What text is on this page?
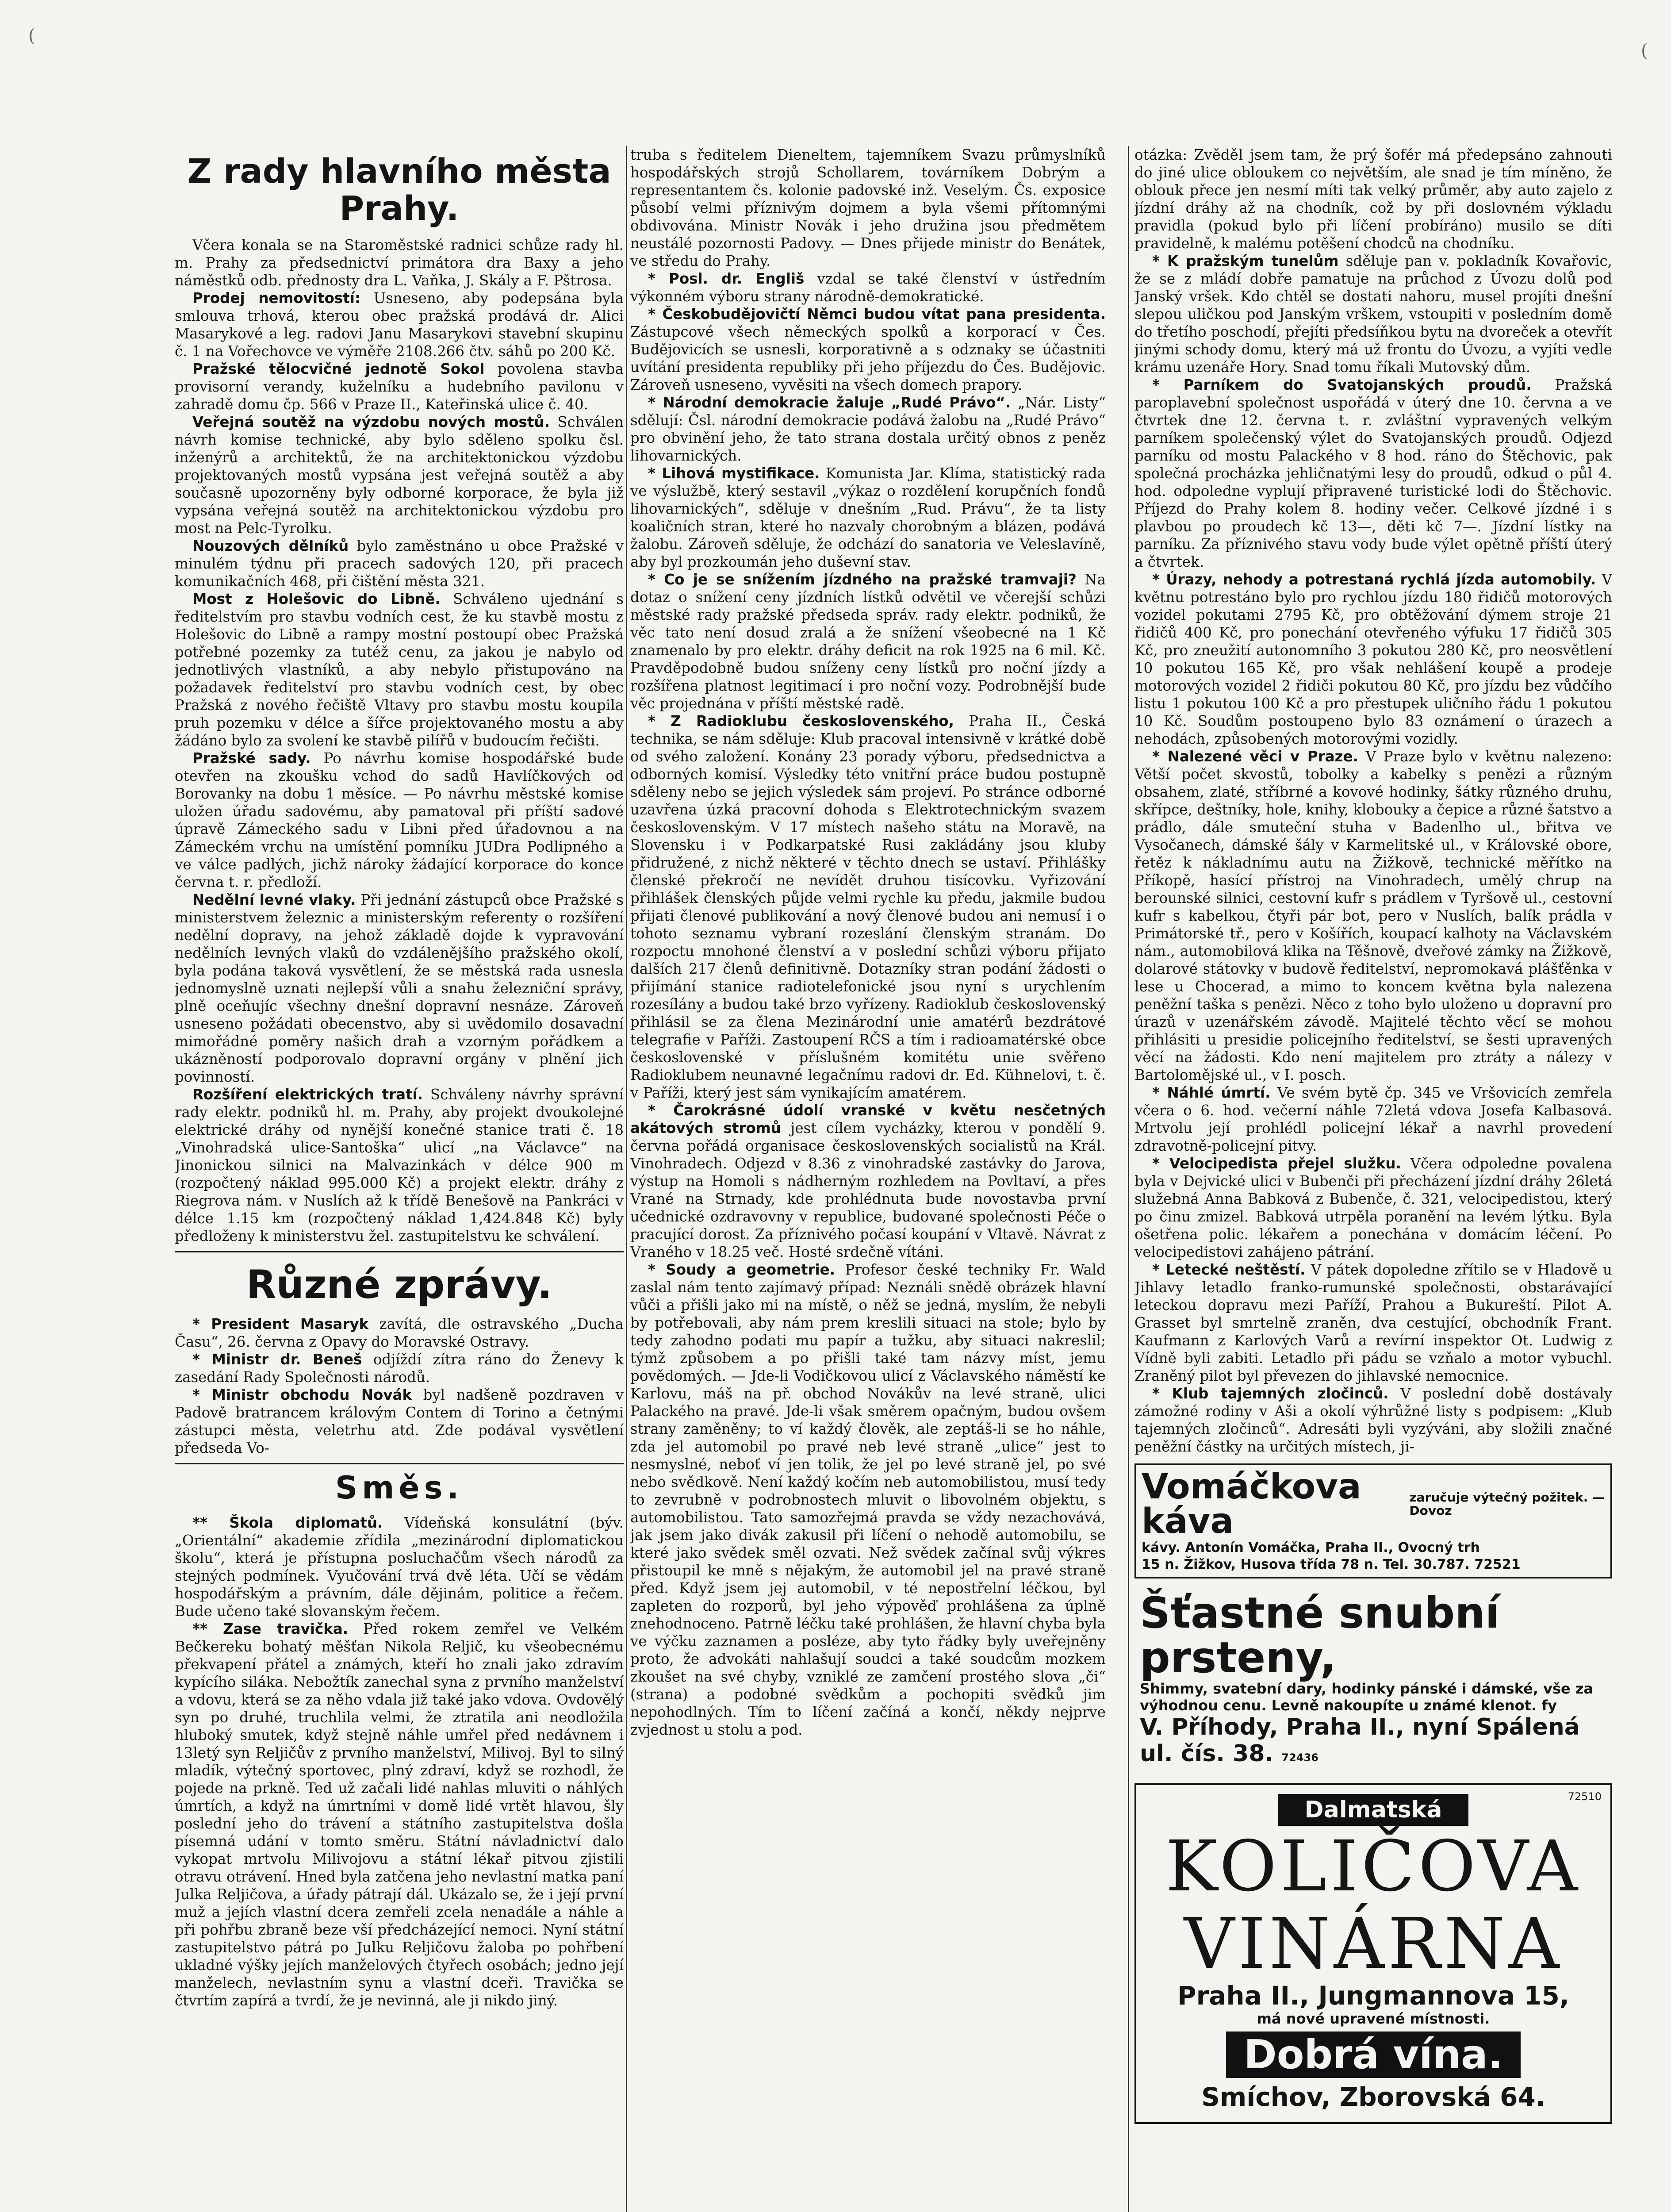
(
(
Z rady hlavního města Prahy.

Včera konala se na Staroměstské radnici schůze rady hl. m. Prahy za předsednictví primátora dra Baxy a jeho náměstků odb. přednosty dra L. Vaňka, J. Skály a F. Pštrosa.

Prodej nemovitostí: Usneseno, aby podepsána byla smlouva trhová, kterou obec pražská prodává dr. Alici Masarykové a leg. radovi Janu Masarykovi stavební skupinu č. 1 na Vořechovce ve výměře 2108.266 čtv. sáhů po 200 Kč.

Pražské tělocvičné jednotě Sokol povolena stavba provisorní verandy, kuželníku a hudebního pavilonu v zahradě domu čp. 566 v Praze II., Kateřinská ulice č. 40.

Veřejná soutěž na výzdobu nových mostů. Schválen návrh komise technické, aby bylo sděleno spolku čsl. inženýrů a architektů, že na architektonickou výzdobu projektovaných mostů vypsána jest veřejná soutěž a aby současně upozorněny byly odborné korporace, že byla již vypsána veřejná soutěž na architektonickou výzdobu pro most na Pelc-Tyrolku.

Nouzových dělníků bylo zaměstnáno u obce Pražské v minulém týdnu při pracech sadových 120, při pracech komunikačních 468, při čištění města 321.

Most z Holešovic do Libně. Schváleno ujednání s ředitelstvím pro stavbu vodních cest, že ku stavbě mostu z Holešovic do Libně a rampy mostní postoupí obec Pražská potřebné pozemky za tutéž cenu, za jakou je nabylo od jednotlivých vlastníků, a aby nebylo přistupováno na požadavek ředitelství pro stavbu vodních cest, by obec Pražská z nového řečiště Vltavy pro stavbu mostu koupila pruh pozemku v délce a šířce projektovaného mostu a aby žádáno bylo za svolení ke stavbě pilířů v budoucím řečišti.

Pražské sady. Po návrhu komise hospodářské bude otevřen na zkoušku vchod do sadů Havlíčkových od Borovanky na dobu 1 měsíce. — Po návrhu městské komise uložen úřadu sadovému, aby pamatoval při příští sadové úpravě Zámeckého sadu v Libni před úřadovnou a na Zámeckém vrchu na umístění pomníku JUDra Podlipného a ve válce padlých, jichž nároky žádající korporace do konce června t. r. předloží.

Nedělní levné vlaky. Při jednání zástupců obce Pražské s ministerstvem železnic a ministerským referenty o rozšíření nedělní dopravy, na jehož základě dojde k vypravování nedělních levných vlaků do vzdálenějšího pražského okolí, byla podána taková vysvětlení, že se městská rada usnesla jednomyslně uznati nejlepší vůli a snahu železniční správy, plně oceňujíc všechny dnešní dopravní nesnáze. Zároveň usneseno požádati obecenstvo, aby si uvědomilo dosavadní mimořádné poměry našich drah a vzorným pořádkem a ukázněností podporovalo dopravní orgány v plnění jich povinností.

Rozšíření elektrických tratí. Schváleny návrhy správní rady elektr. podniků hl. m. Prahy, aby projekt dvoukolejné elektrické dráhy od nynější konečné stanice trati č. 18 „Vinohradská ulice-Santoška“ ulicí „na Václavce“ na Jinonickou silnici na Malvazinkách v délce 900 m (rozpočtený náklad 995.000 Kč) a projekt elektr. dráhy z Riegrova nám. v Nuslích až k třídě Benešově na Pankráci v délce 1.15 km (rozpočtený náklad 1,424.848 Kč) byly předloženy k ministerstvu žel. zastupitelstvu ke schválení.

Různé zprávy.

* President Masaryk zavítá, dle ostravského „Ducha Času“, 26. června z Opavy do Moravské Ostravy.

* Ministr dr. Beneš odjíždí zítra ráno do Ženevy k zasedání Rady Společnosti národů.

* Ministr obchodu Novák byl nadšeně pozdraven v Padově bratrancem královým Contem di Torino a četnými zástupci města, veletrhu atd. Zde podával vysvětlení předseda Vo-

Směs.

** Škola diplomatů. Vídeňská konsulátní (býv. „Orientální“ akademie zřídila „mezinárodní diplomatickou školu“, která je přístupna posluchačům všech národů za stejných podmínek. Vyučování trvá dvě léta. Učí se vědám hospodářským a právním, dále dějinám, politice a řečem. Bude učeno také slovanským řečem.

** Zase travička. Před rokem zemřel ve Velkém Bečkereku bohatý měšťan Nikola Reljič, ku všeobecnému překvapení přátel a známých, kteří ho znali jako zdravím kypícího siláka. Nebožtík zanechal syna z prvního manželství a vdovu, která se za něho vdala již také jako vdova. Ovdovělý syn po druhé, truchlila velmi, že ztratila ani neodložila hluboký smutek, když stejně náhle umřel před nedávnem i 13letý syn Reljičův z prvního manželství, Milivoj. Byl to silný mladík, výtečný sportovec, plný zdraví, když se rozhodl, že pojede na prkně. Ted už začali lidé nahlas mluviti o náhlých úmrtích, a když na úmrtními v domě lidé vrtět hlavou, šly poslední jeho do trávení a státního zastupitelstva došla písemná udání v tomto směru. Státní návladnictví dalo vykopat mrtvolu Milivojovu a státní lékař pitvou zjistili otravu otrávení. Hned byla zatčena jeho nevlastní matka paní Julka Reljičova, a úřady pátrají dál. Ukázalo se, že i její první muž a jejích vlastní dcera zemřeli zcela nenadále a náhle a při pohřbu zbraně beze vší předcházející nemoci. Nyní státní zastupitelstvo pátrá po Julku Reljičovu žaloba po pohřbení ukladné výšky jejích manželových čtyřech osobách; jedno její manželech, nevlastním synu a vlastní dceři. Travička se čtvrtím zapírá a tvrdí, že je nevinná, ale ji nikdo jiný.

truba s ředitelem Dieneltem, tajemníkem Svazu průmyslníků hospodářských strojů Schollarem, továrníkem Dobrým a representantem čs. kolonie padovské inž. Veselým. Čs. exposice působí velmi příznivým dojmem a byla všemi přítomnými obdivována. Ministr Novák i jeho družina jsou předmětem neustálé pozornosti Padovy. — Dnes přijede ministr do Benátek, ve středu do Prahy.

* Posl. dr. Engliš vzdal se také členství v ústředním výkonném výboru strany národně-demokratické.

* Českobudějovičtí Němci budou vítat pana presidenta. Zástupcové všech německých spolků a korporací v Čes. Budějovicích se usnesli, korporativně a s odznaky se účastniti uvítání presidenta republiky při jeho příjezdu do Čes. Budějovic. Zároveň usneseno, vyvěsiti na všech domech prapory.

* Národní demokracie žaluje „Rudé Právo“. „Nár. Listy“ sdělují: Čsl. národní demokracie podává žalobu na „Rudé Právo“ pro obvinění jeho, že tato strana dostala určitý obnos z peněz lihovarnických.

* Lihová mystifikace. Komunista Jar. Klíma, statistický rada ve výslužbě, který sestavil „výkaz o rozdělení korupčních fondů lihovarnických“, sděluje v dnešním „Rud. Právu“, že ta listy koaličních stran, které ho nazvaly chorobným a blázen, podává žalobu. Zároveň sděluje, že odchází do sanatoria ve Veleslavíně, aby byl prozkoumán jeho duševní stav.

* Co je se snížením jízdného na pražské tramvaji? Na dotaz o snížení ceny jízdních lístků odvětil ve včerejší schůzi městské rady pražské předseda správ. rady elektr. podniků, že věc tato není dosud zralá a že snížení všeobecné na 1 Kč znamenalo by pro elektr. dráhy deficit na rok 1925 na 6 mil. Kč. Pravděpodobně budou sníženy ceny lístků pro noční jízdy a rozšířena platnost legitimací i pro noční vozy. Podrobnější bude věc projednána v příští městské radě.

* Z Radioklubu československého, Praha II., Česká technika, se nám sděluje: Klub pracoval intensivně v krátké době od svého založení. Konány 23 porady výboru, předsednictva a odborných komisí. Výsledky této vnitřní práce budou postupně sděleny nebo se jejich výsledek sám projeví. Po stránce odborné uzavřena úzká pracovní dohoda s Elektrotechnickým svazem československým. V 17 místech našeho státu na Moravě, na Slovensku i v Podkarpatské Rusi zakládány jsou kluby přidružené, z nichž některé v těchto dnech se ustaví. Přihlášky členské překročí ne nevídět druhou tisícovku. Vyřizování přihlášek členských půjde velmi rychle ku předu, jakmile budou přijati členové publikování a nový členové budou ani nemusí i o tohoto seznamu vybraní rozeslání členským stranám. Do rozpoctu mnohoné členství a v poslední schůzi výboru přijato dalších 217 členů definitivně. Dotazníky stran podání žádosti o přijímání stanice radiotelefonické jsou nyní s urychlením rozesílány a budou také brzo vyřízeny. Radioklub československý přihlásil se za člena Mezinárodní unie amatérů bezdrátové telegrafie v Paříži. Zastoupení RČS a tím i radioamatérské obce československé v příslušném komitétu unie svěřeno Radioklubem neunavné legačnímu radovi dr. Ed. Kühnelovi, t. č. v Paříži, který jest sám vynikajícím amatérem.

* Čarokrásné údolí vranské v květu nesčetných akátových stromů jest cílem vycházky, kterou v pondělí 9. června pořádá organisace československých socialistů na Král. Vinohradech. Odjezd v 8.36 z vinohradské zastávky do Jarova, výstup na Homoli s nádherným rozhledem na Povltaví, a přes Vrané na Strnady, kde prohlédnuta bude novostavba první učednické ozdravovny v republice, budované společnosti Péče o pracující dorost. Za příznivého počasí koupání v Vltavě. Návrat z Vraného v 18.25 več. Hosté srdečně vítáni.

* Soudy a geometrie. Profesor české techniky Fr. Wald zaslal nám tento zajímavý případ: Neználi snědě obrázek hlavní vůči a přišli jako mi na místě, o něž se jedná, myslím, že nebyli by potřebovali, aby nám prem kreslili situaci na stole; bylo by tedy zahodno podati mu papír a tužku, aby situaci nakreslil; týmž způsobem a po přišli také tam názvy míst, jemu povědomých. — Jde-li Vodičkovou ulicí z Václavského náměstí ke Karlovu, máš na př. obchod Novákův na levé straně, ulici Palackého na pravé. Jde-li však směrem opačným, budou ovšem strany zaměněny; to ví každý člověk, ale zeptáš-li se ho náhle, zda jel automobil po pravé neb levé straně „ulice“ jest to nesmyslné, neboť ví jen tolik, že jel po levé straně jel, po své nebo svědkově. Není každý kočím neb automobilistou, musí tedy to zevrubně v podrobnostech mluvit o libovolném objektu, s automobilistou. Tato samozřejmá pravda se vždy nezachovává, jak jsem jako divák zakusil při líčení o nehodě automobilu, se které jako svědek směl ozvati. Než svědek začínal svůj výkres přistoupil ke mně s nějakým, že automobil jel na pravé straně před. Když jsem jej automobil, v té nepostřelní léčkou, byl zapleten do rozporů, byl jeho výpověď prohlášena za úplně znehodnoceno. Patrně léčku také prohlášen, že hlavní chyba byla ve výčku zaznamen a posléze, aby tyto řádky byly uveřejněny proto, že advokáti nahlašují soudci a také soudcům mozkem zkoušet na své chyby, vzniklé ze zamčení prostého slova „či“ (strana) a podobné svědkům a pochopiti svědků jim nepohodlných. Tím to líčení začíná a končí, někdy nejprve zvjednost u stolu a pod.

otázka: Zvěděl jsem tam, že prý šofér má předepsáno zahnouti do jiné ulice obloukem co největším, ale snad je tím míněno, že oblouk přece jen nesmí míti tak velký průměr, aby auto zajelo z jízdní dráhy až na chodník, což by při doslovném výkladu pravidla (pokud bylo při líčení probíráno) musilo se díti pravidelně, k malému potěšení chodců na chodníku.

* K pražským tunelům sděluje pan v. pokladník Kovařovic, že se z mládí dobře pamatuje na průchod z Úvozu dolů pod Janský vršek. Kdo chtěl se dostati nahoru, musel projíti dnešní slepou uličkou pod Janským vrškem, vstoupiti v posledním domě do třetího poschodí, přejíti předsíňkou bytu na dvoreček a otevřít jinými schody domu, který má už frontu do Úvozu, a vyjíti vedle krámu uzenáře Hory. Snad tomu říkali Mutovský dům.

* Parníkem do Svatojanských proudů. Pražská paroplavební společnost uspořádá v úterý dne 10. června a ve čtvrtek dne 12. června t. r. zvláštní vypravených velkým parníkem společenský výlet do Svatojanských proudů. Odjezd parníku od mostu Palackého v 8 hod. ráno do Štěchovic, pak společná procházka jehličnatými lesy do proudů, odkud o půl 4. hod. odpoledne vyplují připravené turistické lodi do Štěchovic. Příjezd do Prahy kolem 8. hodiny večer. Celkové jízdné i s plavbou po proudech kč 13—, děti kč 7—. Jízdní lístky na parníku. Za příznivého stavu vody bude výlet opětně příští úterý a čtvrtek.

* Úrazy, nehody a potrestaná rychlá jízda automobily. V květnu potrestáno bylo pro rychlou jízdu 180 řidičů motorových vozidel pokutami 2795 Kč, pro obtěžování dýmem stroje 21 řidičů 400 Kč, pro ponechání otevřeného výfuku 17 řidičů 305 Kč, pro zneužití autonomního 3 pokutou 280 Kč, pro neosvětlení 10 pokutou 165 Kč, pro však nehlášení koupě a prodeje motorových vozidel 2 řidiči pokutou 80 Kč, pro jízdu bez vůdčího listu 1 pokutou 100 Kč a pro přestupek uličního řádu 1 pokutou 10 Kč. Soudům postoupeno bylo 83 oznámení o úrazech a nehodách, způsobených motorovými vozidly.

* Nalezené věci v Praze. V Praze bylo v květnu nalezeno: Větší počet skvostů, tobolky a kabelky s penězi a různým obsahem, zlaté, stříbrné a kovové hodinky, šátky různého druhu, skřípce, deštníky, hole, knihy, klobouky a čepice a různé šatstvo a prádlo, dále smuteční stuha v Badenlho ul., břitva ve Vysočanech, dámské šály v Karmelitské ul., v Královské obore, řetěz k nákladnímu autu na Žižkově, technické měřítko na Příkopě, hasící přístroj na Vinohradech, umělý chrup na berounské silnici, cestovní kufr s prádlem v Tyršově ul., cestovní kufr s kabelkou, čtyři pár bot, pero v Nuslích, balík prádla v Primátorské tř., pero v Košířích, koupací kalhoty na Václavském nám., automobilová klika na Těšnově, dveřové zámky na Žižkově, dolarové státovky v budově ředitelství, nepromokavá plášťěnka v lese u Chocerad, a mimo to koncem května byla nalezena peněžní taška s penězi. Něco z toho bylo uloženo u dopravní pro úrazů v uzenářském závodě. Majitelé těchto věcí se mohou přihlásiti u presidie policejního ředitelství, se šesti upravených věcí na žádosti. Kdo není majitelem pro ztráty a nálezy v Bartolomějské ul., v I. posch.

* Náhlé úmrtí. Ve svém bytě čp. 345 ve Vršovicích zemřela včera o 6. hod. večerní náhle 72letá vdova Josefa Kalbasová. Mrtvolu její prohlédl policejní lékař a navrhl provedení zdravotně-policejní pitvy.

* Velocipedista přejel služku. Včera odpoledne povalena byla v Dejvické ulici v Bubenči při přecházení jízdní dráhy 26letá služebná Anna Babková z Bubenče, č. 321, velocipedistou, který po činu zmizel. Babková utrpěla poranění na levém lýtku. Byla ošetřena polic. lékařem a ponechána v domácím léčení. Po velocipedistovi zahájeno pátrání.

* Letecké neštěstí. V pátek dopoledne zřítilo se v Hladově u Jihlavy letadlo franko-rumunské společnosti, obstarávající leteckou dopravu mezi Paříží, Prahou a Bukureští. Pilot A. Grasset byl smrtelně zraněn, dva cestující, obchodník Frant. Kaufmann z Karlových Varů a revírní inspektor Ot. Ludwig z Vídně byli zabiti. Letadlo při pádu se vzňalo a motor vybuchl. Zraněný pilot byl převezen do jihlavské nemocnice.

* Klub tajemných zločinců. V poslední době dostávaly zámožné rodiny v Aši a okolí výhrůžné listy s podpisem: „Klub tajemných zločinců“. Adresáti byli vyzýváni, aby složili značné peněžní částky na určitých místech, ji-

Vomáčkova káva
zaručuje výtečný požitek. — Dovoz
kávy. Antonín Vomáčka, Praha II., Ovocný trh
15 n. Žižkov, Husova třída 78 n. Tel. 30.787. 72521
Šťastné snubní prsteny,
Shimmy, svatební dary, hodinky pánské i dámské, vše za výhodnou cenu. Levně nakoupíte u známé klenot. fy
V. Příhody, Praha II., nyní Spálená ul. čís. 38. 72436
72510
Dalmatská
KOLIČOVA
VINÁRNA
Praha II., Jungmannova 15,
má nové upravené místnosti.
Dobrá vína.
Smíchov, Zborovská 64.
